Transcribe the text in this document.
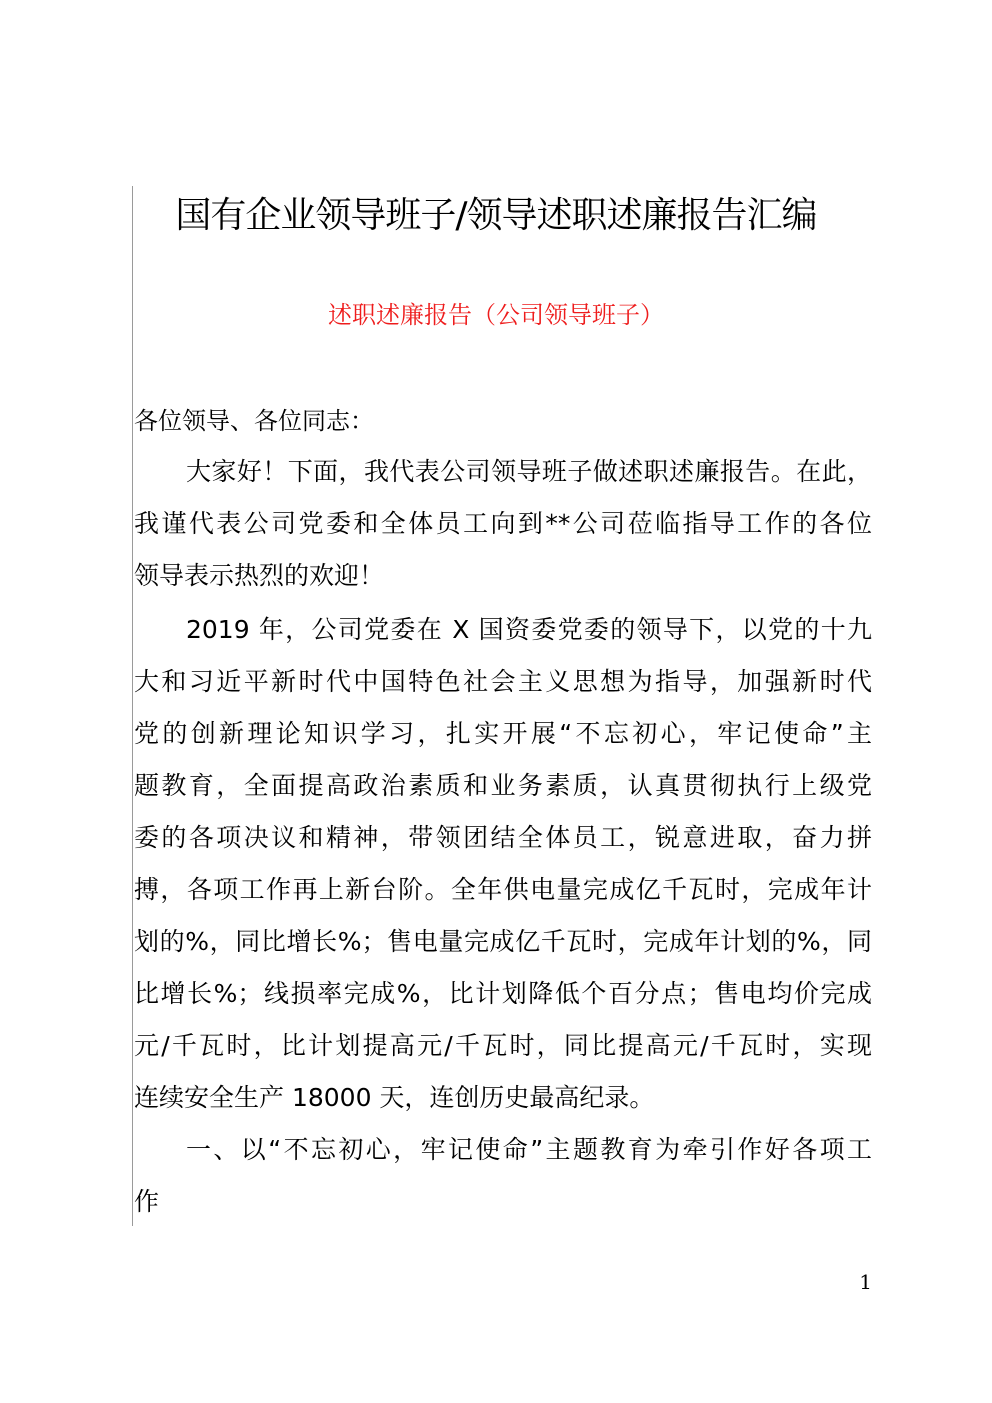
国有企业领导班子/领导述职述廉报告汇编
述职述廉报告（公司领导班子）
各位领导、各位同志：
大家好！下面，我代表公司领导班子做述职述廉报告。在此，
我谨代表公司党委和全体员工向到**公司莅临指导工作的各位
领导表示热烈的欢迎！
2019 年，公司党委在 X 国资委党委的领导下，以党的十九
大和习近平新时代中国特色社会主义思想为指导，加强新时代
党的创新理论知识学习，扎实开展“不忘初心，牢记使命”主
题教育，全面提高政治素质和业务素质，认真贯彻执行上级党
委的各项决议和精神，带领团结全体员工，锐意进取，奋力拼
搏，各项工作再上新台阶。全年供电量完成亿千瓦时，完成年计
划的%，同比增长%；售电量完成亿千瓦时，完成年计划的%，同
比增长%；线损率完成%，比计划降低个百分点；售电均价完成
元/千瓦时，比计划提高元/千瓦时，同比提高元/千瓦时，实现
连续安全生产 18000 天，连创历史最高纪录。
一、以“不忘初心，牢记使命”主题教育为牵引作好各项工
作
1
